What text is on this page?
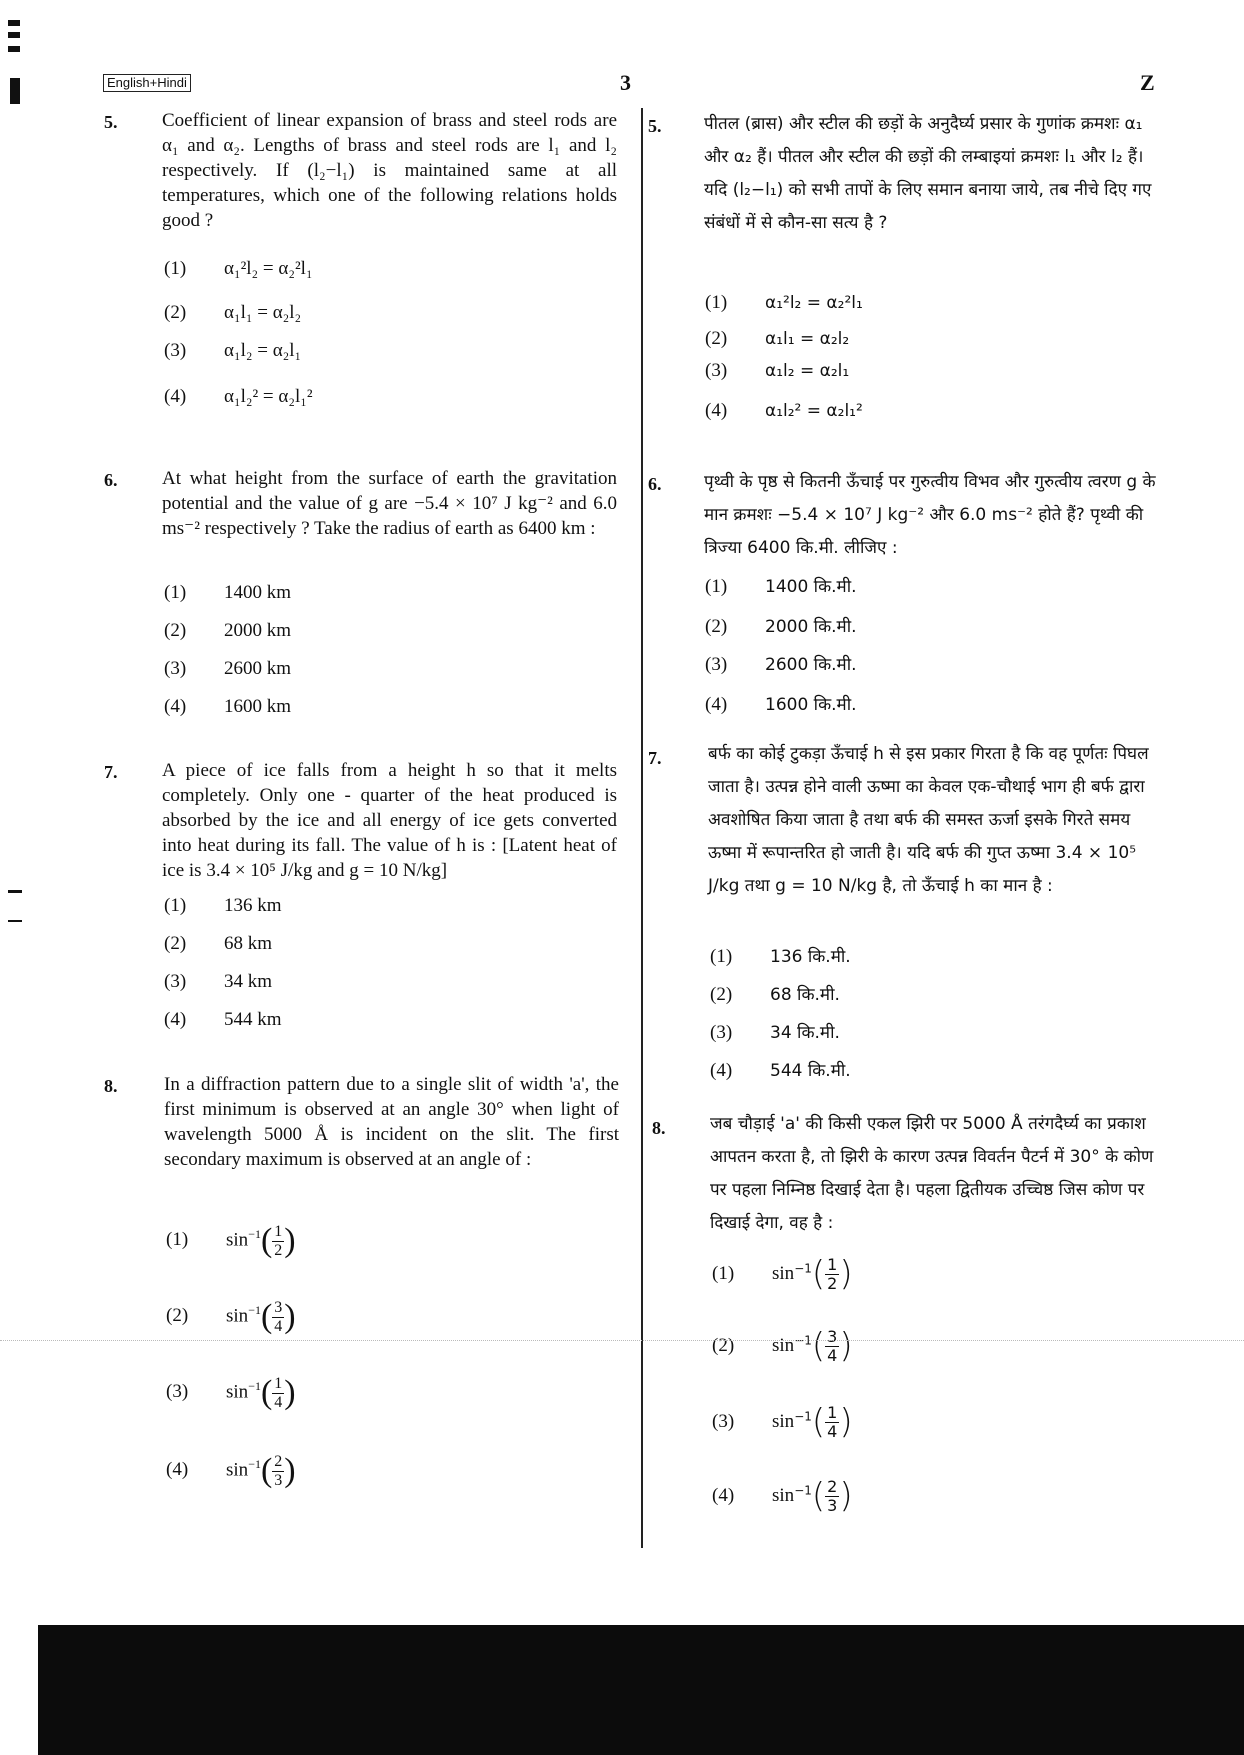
English+Hindi	3	Z
5. Coefficient of linear expansion of brass and steel rods are α₁ and α₂. Lengths of brass and steel rods are l₁ and l₂ respectively. If (l₂−l₁) is maintained same at all temperatures, which one of the following relations holds good ?
(1) α₁²l₂ = α₂²l₁
(2) α₁l₁ = α₂l₂
(3) α₁l₂ = α₂l₁
(4) α₁l₂² = α₂l₁²
6. At what height from the surface of earth the gravitation potential and the value of g are −5.4 × 10⁷ J kg⁻² and 6.0 ms⁻² respectively ? Take the radius of earth as 6400 km :
(1) 1400 km
(2) 2000 km
(3) 2600 km
(4) 1600 km
7. A piece of ice falls from a height h so that it melts completely. Only one - quarter of the heat produced is absorbed by the ice and all energy of ice gets converted into heat during its fall. The value of h is : [Latent heat of ice is 3.4 × 10⁵ J/kg and g = 10 N/kg]
(1) 136 km
(2) 68 km
(3) 34 km
(4) 544 km
8. In a diffraction pattern due to a single slit of width 'a', the first minimum is observed at an angle 30° when light of wavelength 5000 Å is incident on the slit. The first secondary maximum is observed at an angle of :
(1) $\sin^{-1}( \frac{1}{2}$ )
(2) $\sin^{-1}( \frac{3}{4}$ )
(3) $\sin^{-1}( \frac{1}{4}$ )
(4) $\sin^{-1}( \frac{2}{3}$ )
5.	पीतल (ब्रास) और स्टील की छड़ों के अनुदैर्घ्य प्रसार के गुणांक क्रमशः α₁ और α₂ हैं। पीतल और स्टील की छड़ों की लम्बाइयां क्रमशः l₁ और l₂ हैं। यदि (l₂−l₁) को सभी तापों के लिए समान बनाया जाये, तब नीचे दिए गए संबंधों में से कौन-सा सत्य है ?
(1) α₁²l₂ = α₂²l₁
(2) α₁l₁ = α₂l₂
(3) α₁l₂ = α₂l₁
(4) α₁l₂² = α₂l₁²
6.	पृथ्वी के पृष्ठ से कितनी ऊँचाई पर गुरुत्वीय विभव और गुरुत्वीय त्वरण g के मान क्रमशः −5.4 × 10⁷ J kg⁻² और 6.0 ms⁻² होते हैं? पृथ्वी की त्रिज्या 6400 कि.मी. लीजिए :
(1) 1400 कि.मी.
(2) 2000 कि.मी.
(3) 2600 कि.मी.
(4) 1600 कि.मी.
7.	बर्फ का कोई टुकड़ा ऊँचाई h से इस प्रकार गिरता है कि वह पूर्णतः पिघल जाता है। उत्पन्न होने वाली ऊष्मा का केवल एक-चौथाई भाग ही बर्फ द्वारा अवशोषित किया जाता है तथा बर्फ की समस्त ऊर्जा इसके गिरते समय ऊष्मा में रूपान्तरित हो जाती है। यदि बर्फ की गुप्त ऊष्मा 3.4 × 10⁵ J/kg तथा g = 10 N/kg है, तो ऊँचाई h का मान है :
(1) 136 कि.मी.
(2) 68 कि.मी.
(3) 34 कि.मी.
(4) 544 कि.मी.
8.	जब चौड़ाई 'a' की किसी एकल झिरी पर 5000 Å तरंगदैर्घ्य का प्रकाश आपतन करता है, तो झिरी के कारण उत्पन्न विवर्तन पैटर्न में 30° के कोण पर पहला निम्निष्ठ दिखाई देता है। पहला द्वितीयक उच्चिष्ठ जिस कोण पर दिखाई देगा, वह है :
(1) $\sin^{-1}( \frac{1}{2}$ )
(2) $\sin^{-1}( \frac{3}{4}$ )
(3) $\sin^{-1}( \frac{1}{4}$ )
(4) $\sin^{-1}( \frac{2}{3}$ )
